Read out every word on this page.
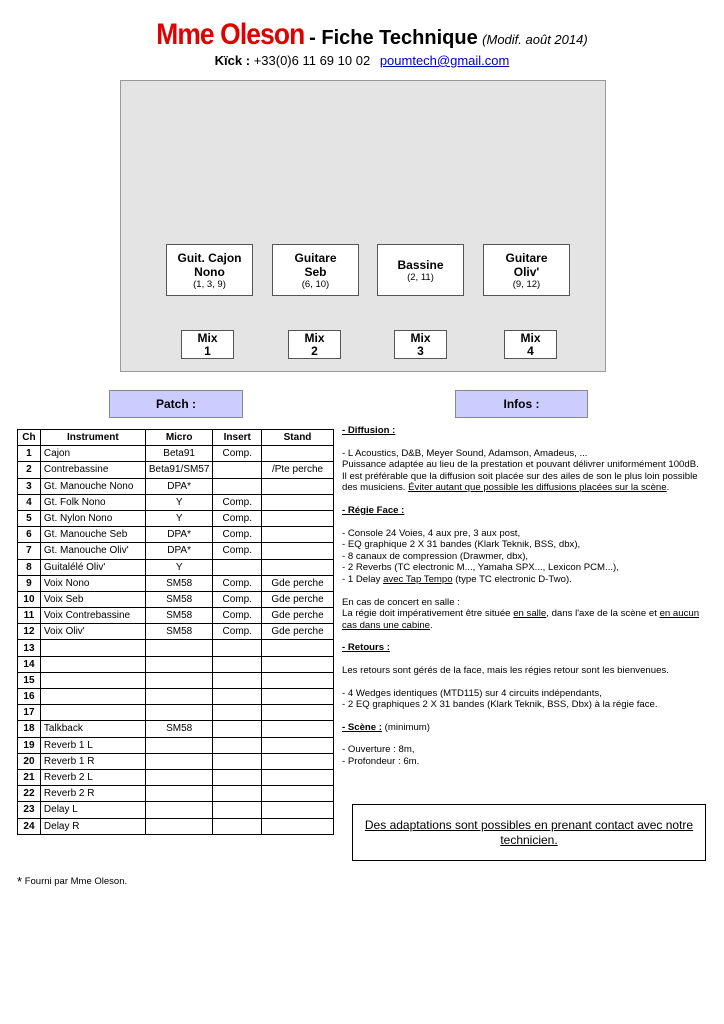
Mme Oleson - Fiche Technique (Modif. août 2014)
Kïck : +33(0)6 11 69 10 02 poumtech@gmail.com
Guit. Cajon
Nono
(1, 3, 9)
Guitare
Seb
(6, 10)
Bassine
(2, 11)
Guitare
Oliv'
(9, 12)
Mix
1
Mix
2
Mix
3
Mix
4
Patch :	Infos :
Ch	Instrument	Micro	Insert	Stand
1	Cajon	Beta91	Comp.	
2	Contrebassine	Beta91/SM57		/Pte perche
3	Gt. Manouche Nono	DPA*		
4	Gt. Folk Nono	Y	Comp.	
5	Gt. Nylon Nono	Y	Comp.	
6	Gt. Manouche Seb	DPA*	Comp.	
7	Gt. Manouche Oliv'	DPA*	Comp.	
8	Guitalélé Oliv'	Y		
9	Voix Nono	SM58	Comp.	Gde perche
10	Voix Seb	SM58	Comp.	Gde perche
11	Voix Contrebassine	SM58	Comp.	Gde perche
12	Voix Oliv'	SM58	Comp.	Gde perche
13				
14				
15				
16				
17				
18	Talkback	SM58		
19	Reverb 1 L			
20	Reverb 1 R			
21	Reverb 2 L			
22	Reverb 2 R			
23	Delay L			
24	Delay R			
* Fourni par Mme Oleson.

- Diffusion :

- L Acoustics, D&B, Meyer Sound, Adamson, Amadeus, ...

Puissance adaptée au lieu de la prestation et pouvant délivrer uniformément 100dB.

Il est préférable que la diffusion soit placée sur des ailes de son le plus loin possible

des musiciens. Éviter autant que possible les diffusions placées sur la scène.

- Régie Face :

- Console 24 Voies, 4 aux pre, 3 aux post,

- EQ graphique 2 X 31 bandes (Klark Teknik, BSS, dbx),

- 8 canaux de compression (Drawmer, dbx),

- 2 Reverbs (TC electronic M..., Yamaha SPX..., Lexicon PCM...),

- 1 Delay avec Tap Tempo (type TC electronic D-Two).

En cas de concert en salle :

La régie doit impérativement être située en salle, dans l'axe de la scène et en aucun

cas dans une cabine.

- Retours :

Les retours sont gérés de la face, mais les régies retour sont les bienvenues.

- 4 Wedges identiques (MTD115) sur 4 circuits indépendants,

- 2 EQ graphiques 2 X 31 bandes (Klark Teknik, BSS, Dbx) à la régie face.

- Scène : (minimum)

- Ouverture : 8m,

- Profondeur : 6m.

Des adaptations sont possibles en prenant contact avec notre
technicien.
